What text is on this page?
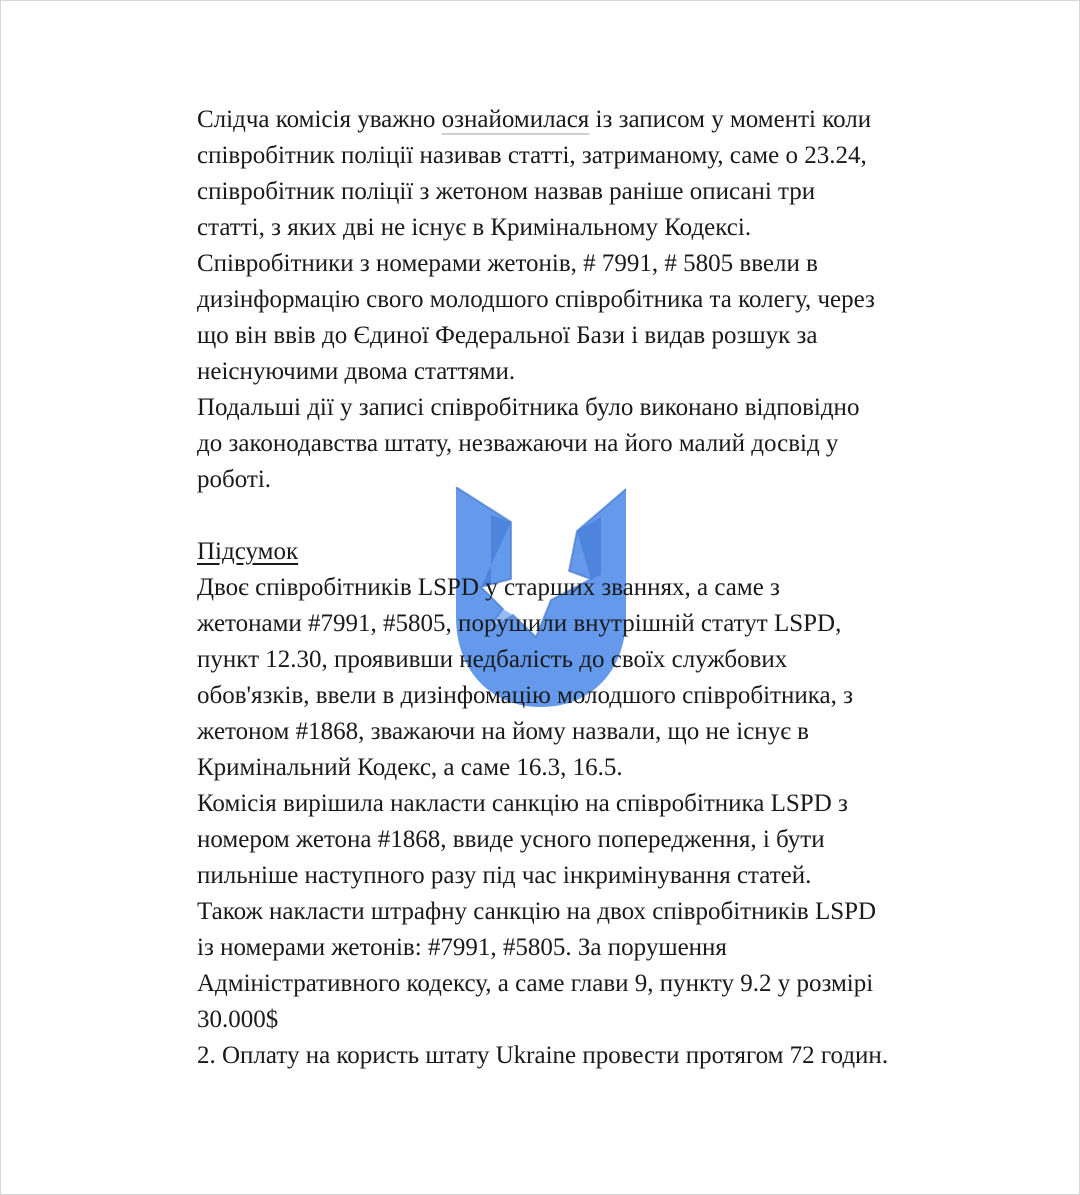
Слідча комісія уважно ознайомилася із записом у моменті коли
співробітник поліції називав статті, затриманому, саме о 23.24,
співробітник поліції з жетоном назвав раніше описані три
статті, з яких дві не існує в Кримінальному Кодексі.
Співробітники з номерами жетонів, # 7991, # 5805 ввели в
дизінформацію свого молодшого співробітника та колегу, через
що він ввів до Єдиної Федеральної Бази і видав розшук за
неіснуючими двома статтями.
Подальші дії у записі співробітника було виконано відповідно
до законодавства штату, незважаючи на його малий досвід у
роботі.
Підсумок
Двоє співробітників LSPD у старших званнях, а саме з
жетонами #7991, #5805, порушили внутрішній статут LSPD,
пункт 12.30, проявивши недбалість до своїх службових
обов'язків, ввели в дизінфомацію молодшого співробітника, з
жетоном #1868, зважаючи на йому назвали, що не існує в
Кримінальний Кодекс, а саме 16.3, 16.5.
Комісія вирішила накласти санкцію на співробітника LSPD з
номером жетона #1868, ввиде усного попередження, і бути
пильніше наступного разу під час інкримінування статей.
Також накласти штрафну санкцію на двох співробітників LSPD
із номерами жетонів: #7991, #5805. За порушення
Адміністративного кодексу, а саме глави 9, пункту 9.2 у розмірі
30.000$
2. Оплату на користь штату Ukraine провести протягом 72 годин.
